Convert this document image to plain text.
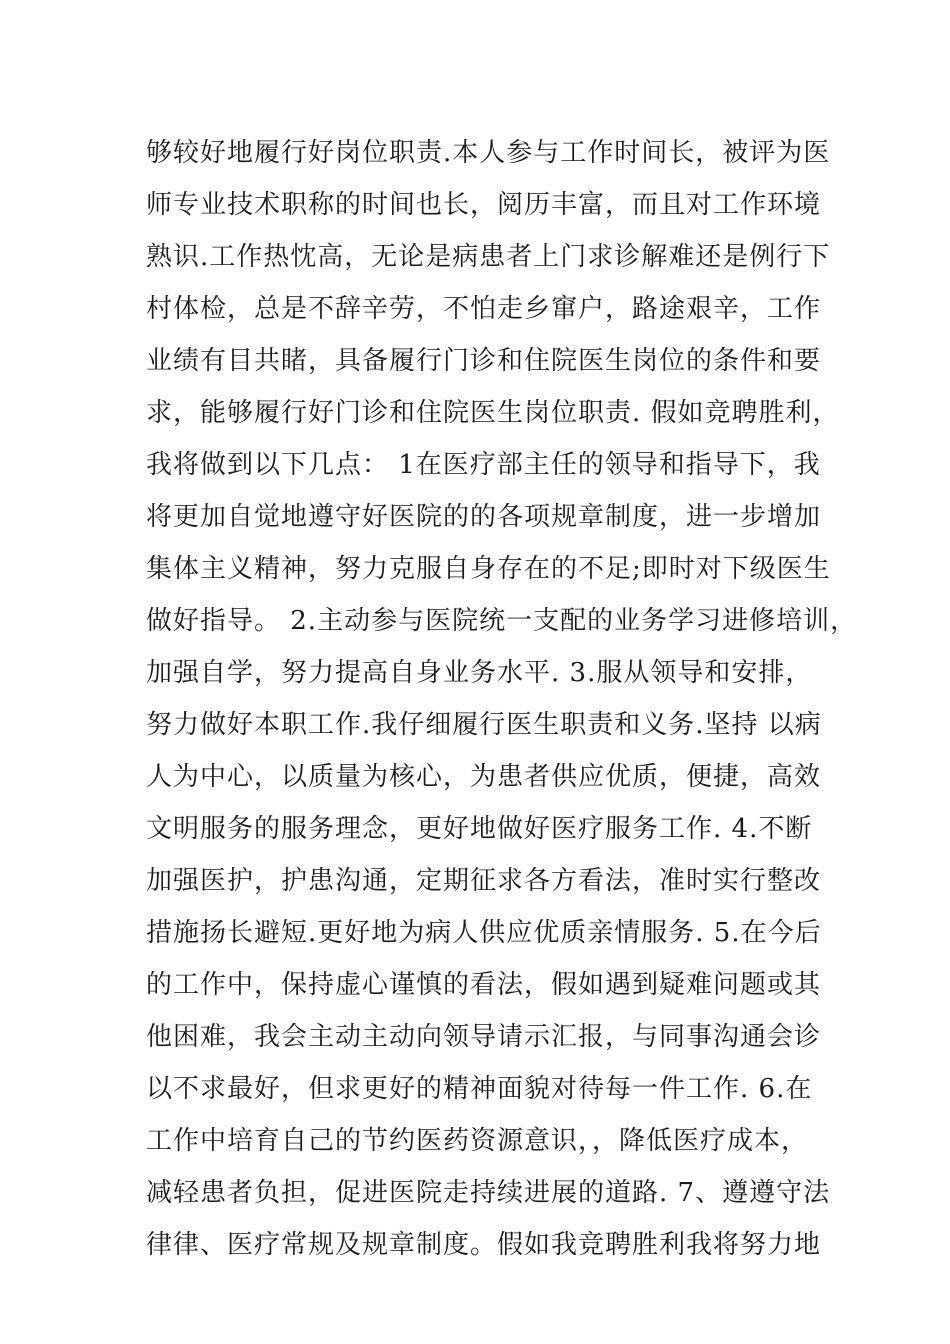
够较好地履行好岗位职责.本人参与工作时间长，被评为医
师专业技术职称的时间也长，阅历丰富，而且对工作环境
熟识.工作热忱高，无论是病患者上门求诊解难还是例行下
村体检，总是不辞辛劳，不怕走乡窜户，路途艰辛，工作
业绩有目共睹，具备履行门诊和住院医生岗位的条件和要
求，能够履行好门诊和住院医生岗位职责. 假如竞聘胜利，
我将做到以下几点： 1在医疗部主任的领导和指导下，我
将更加自觉地遵守好医院的的各项规章制度，进一步增加
集体主义精神，努力克服自身存在的不足;即时对下级医生
做好指导。 2.主动参与医院统一支配的业务学习进修培训，
加强自学，努力提高自身业务水平. 3.服从领导和安排，
努力做好本职工作.我仔细履行医生职责和义务.坚持 以病
人为中心，以质量为核心，为患者供应优质，便捷，高效
文明服务的服务理念，更好地做好医疗服务工作. 4.不断
加强医护，护患沟通，定期征求各方看法，准时实行整改
措施扬长避短.更好地为病人供应优质亲情服务. 5.在今后
的工作中，保持虚心谨慎的看法，假如遇到疑难问题或其
他困难，我会主动主动向领导请示汇报，与同事沟通会诊
以不求最好，但求更好的精神面貌对待每一件工作. 6.在
工作中培育自己的节约医药资源意识，，降低医疗成本，
减轻患者负担，促进医院走持续进展的道路. 7、遵遵守法
律律、医疗常规及规章制度。假如我竞聘胜利我将努力地
